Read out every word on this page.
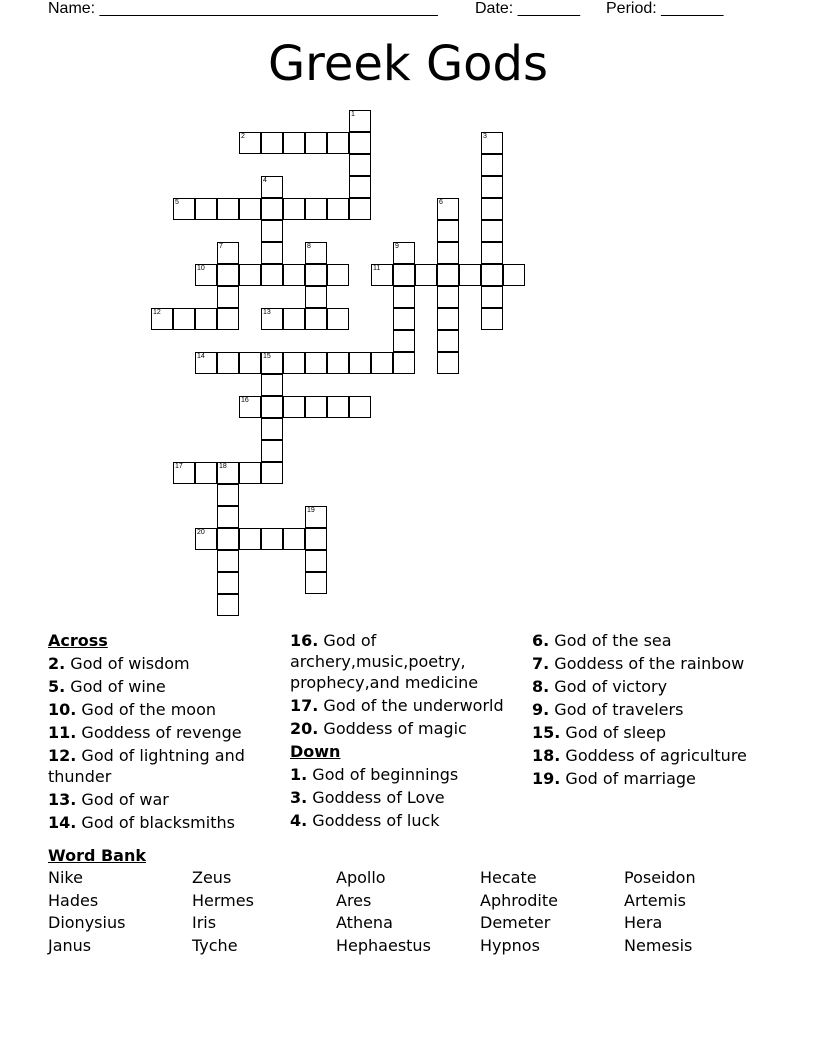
Name: ______________________________________ Date: _______ Period: _______
Greek Gods
1
2	3
4
5	6
7	8	9
10	11
12	13
14	15
16
17	18
19
20
Across
2. God of wisdom
5. God of wine
10. God of the moon
11. Goddess of revenge
12. God of lightning and thunder
13. God of war
14. God of blacksmiths
16. God of archery,music,poetry, prophecy,and medicine
17. God of the underworld
20. Goddess of magic
Down
1. God of beginnings
3. Goddess of Love
4. Goddess of luck
6. God of the sea
7. Goddess of the rainbow
8. God of victory
9. God of travelers
15. God of sleep
18. Goddess of agriculture
19. God of marriage
Word Bank
Nike	Zeus	Apollo	Hecate	Poseidon
Hades	Hermes	Ares	Aphrodite	Artemis
Dionysius	Iris	Athena	Demeter	Hera
Janus	Tyche	Hephaestus	Hypnos	Nemesis
